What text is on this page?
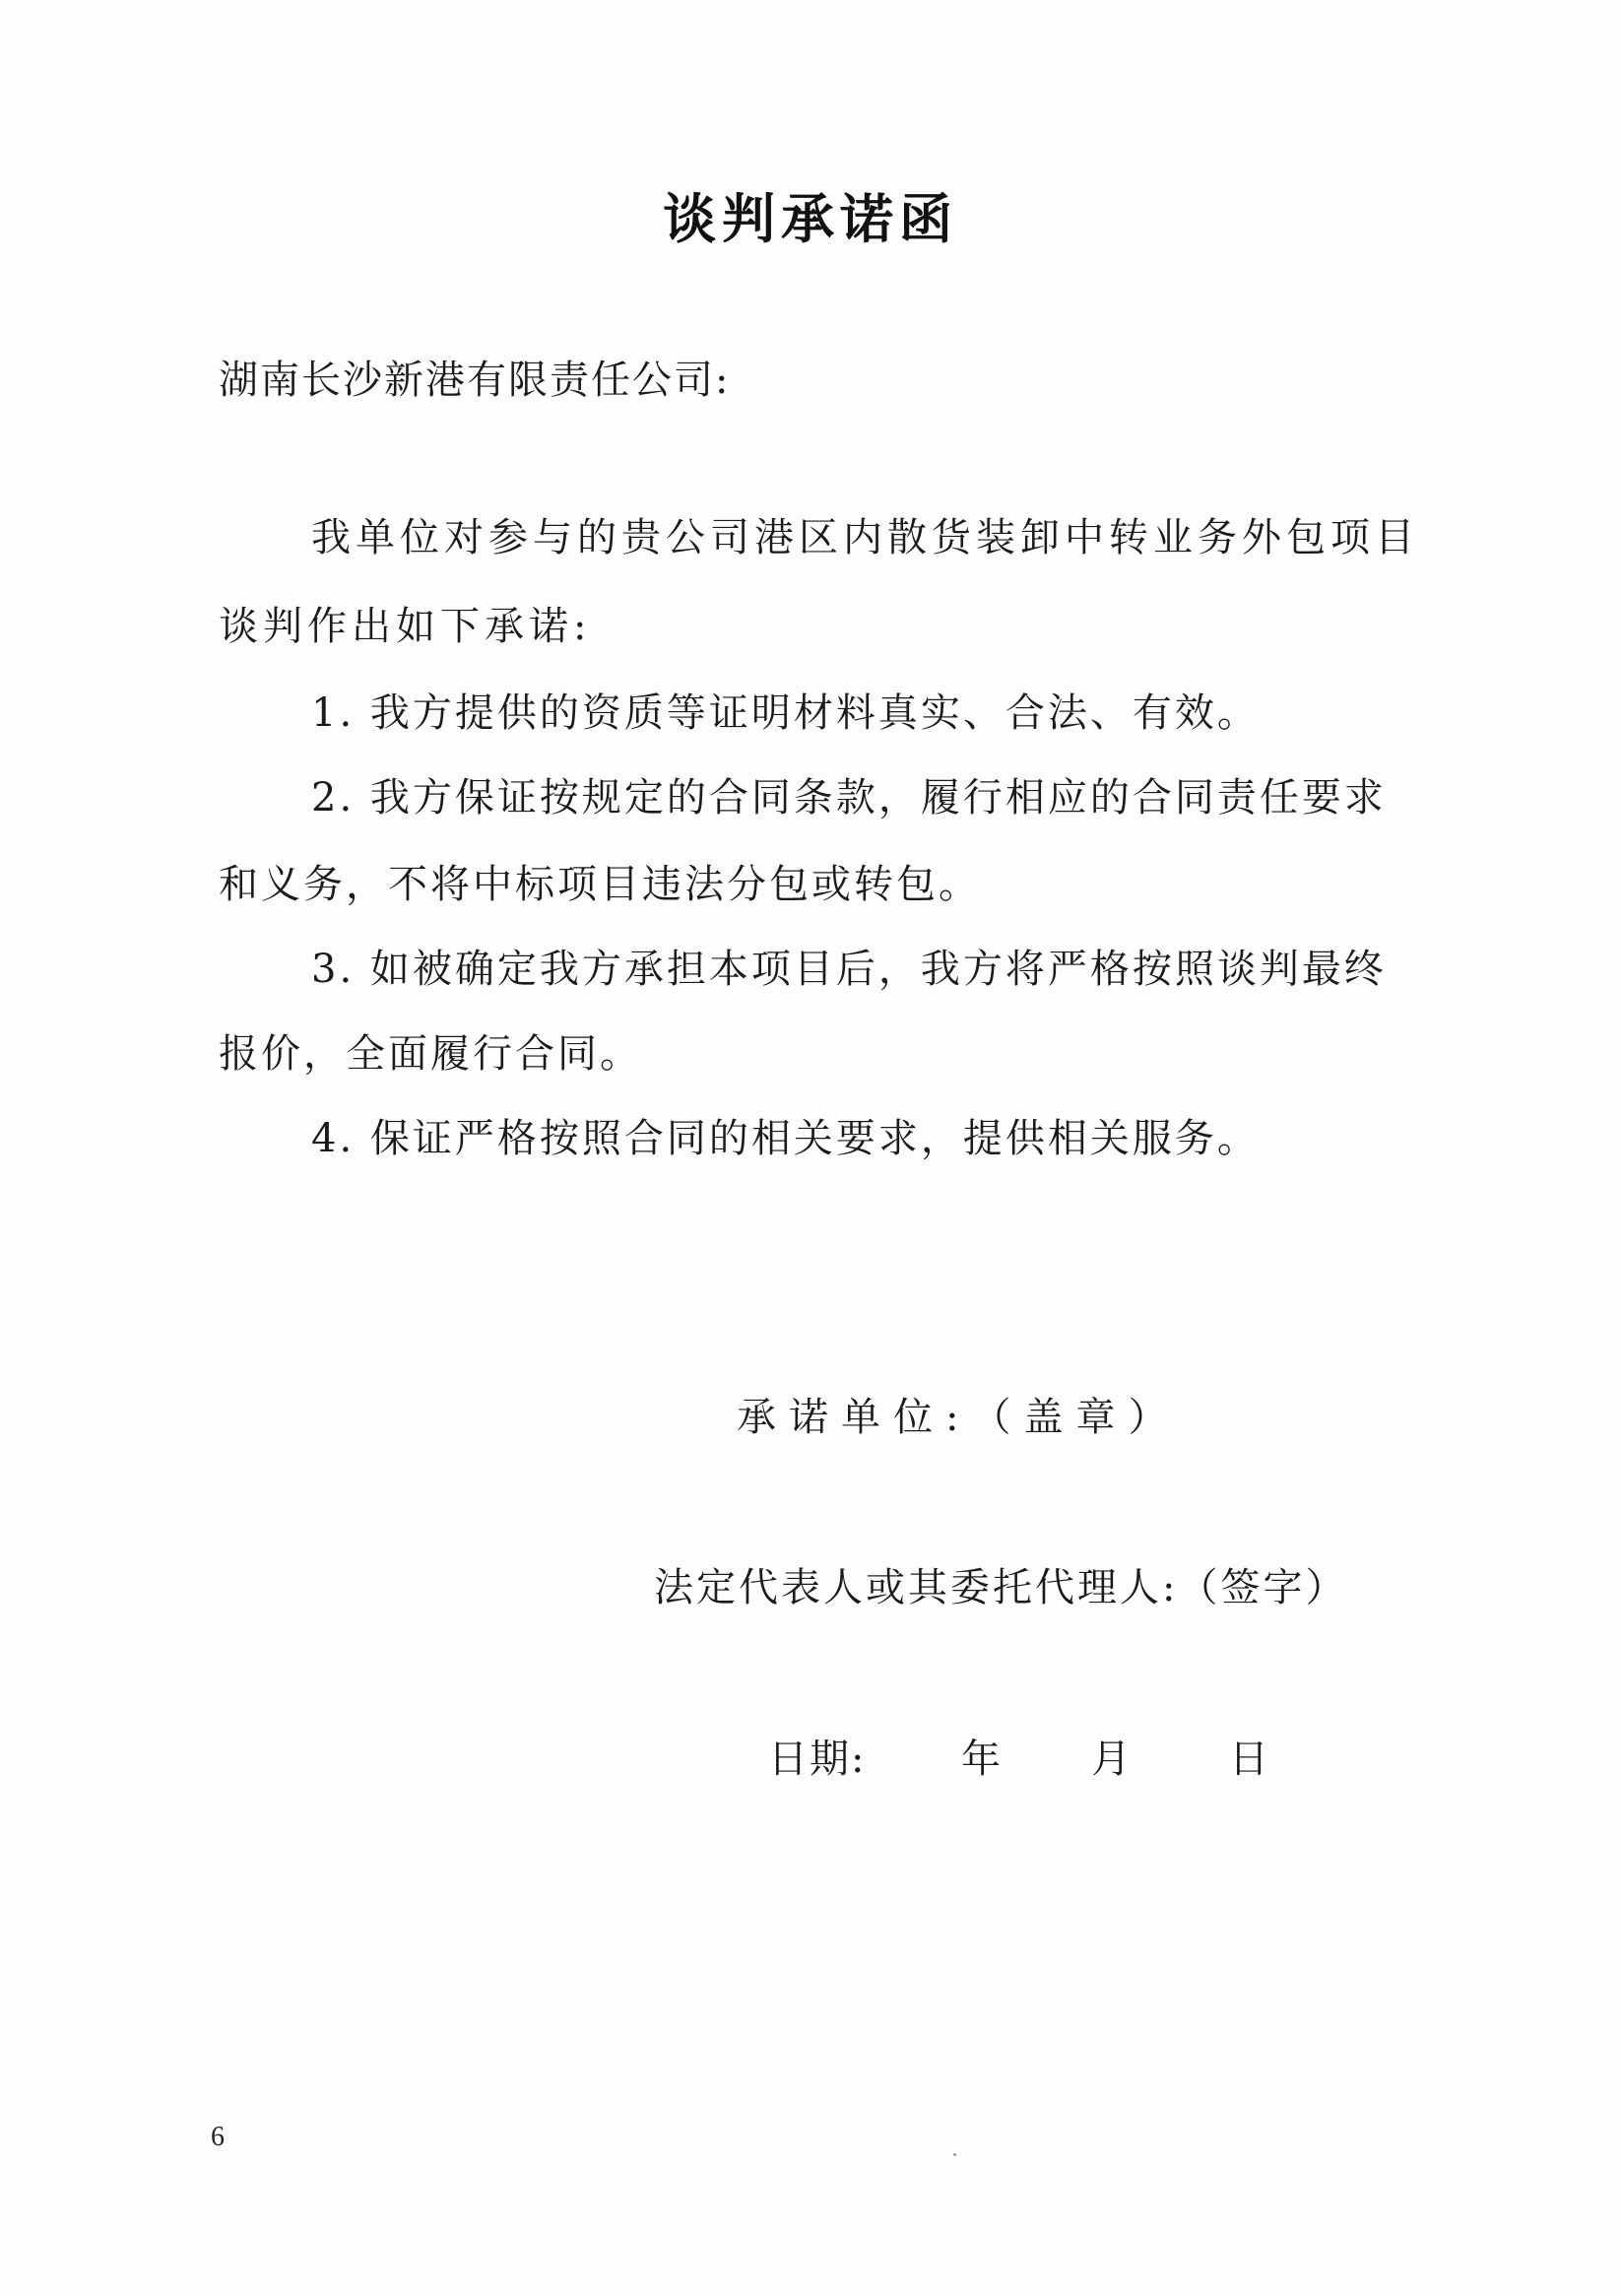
谈判承诺函
湖南长沙新港有限责任公司:
我单位对参与的贵公司港区内散货装卸中转业务外包项目
谈判作出如下承诺:
1. 我方提供的资质等证明材料真实、合法、有效。
2. 我方保证按规定的合同条款，履行相应的合同责任要求
和义务，不将中标项目违法分包或转包。
3. 如被确定我方承担本项目后，我方将严格按照谈判最终
报价，全面履行合同。
4. 保证严格按照合同的相关要求，提供相关服务。
承诺单位:（盖章）
法定代表人或其委托代理人:（签字）
日期: 年 月	日
6
